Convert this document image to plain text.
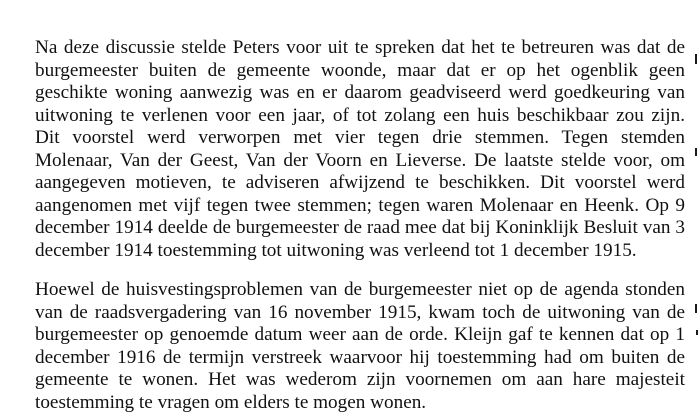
Na deze discussie stelde Peters voor uit te spreken dat het te betreuren was dat de
burgemeester buiten de gemeente woonde, maar dat er op het ogenblik geen
geschikte woning aanwezig was en er daarom geadviseerd werd goedkeuring van
uitwoning te verlenen voor een jaar, of tot zolang een huis beschikbaar zou zijn.
Dit voorstel werd verworpen met vier tegen drie stemmen. Tegen stemden
Molenaar, Van der Geest, Van der Voorn en Lieverse. De laatste stelde voor, om
aangegeven motieven, te adviseren afwijzend te beschikken. Dit voorstel werd
aangenomen met vijf tegen twee stemmen; tegen waren Molenaar en Heenk. Op 9
december 1914 deelde de burgemeester de raad mee dat bij Koninklijk Besluit van 3
december 1914 toestemming tot uitwoning was verleend tot 1 december 1915.

Hoewel de huisvestingsproblemen van de burgemeester niet op de agenda stonden
van de raadsvergadering van 16 november 1915, kwam toch de uitwoning van de
burgemeester op genoemde datum weer aan de orde. Kleijn gaf te kennen dat op 1
december 1916 de termijn verstreek waarvoor hij toestemming had om buiten de
gemeente te wonen. Het was wederom zijn voornemen om aan hare majesteit
toestemming te vragen om elders te mogen wonen.
